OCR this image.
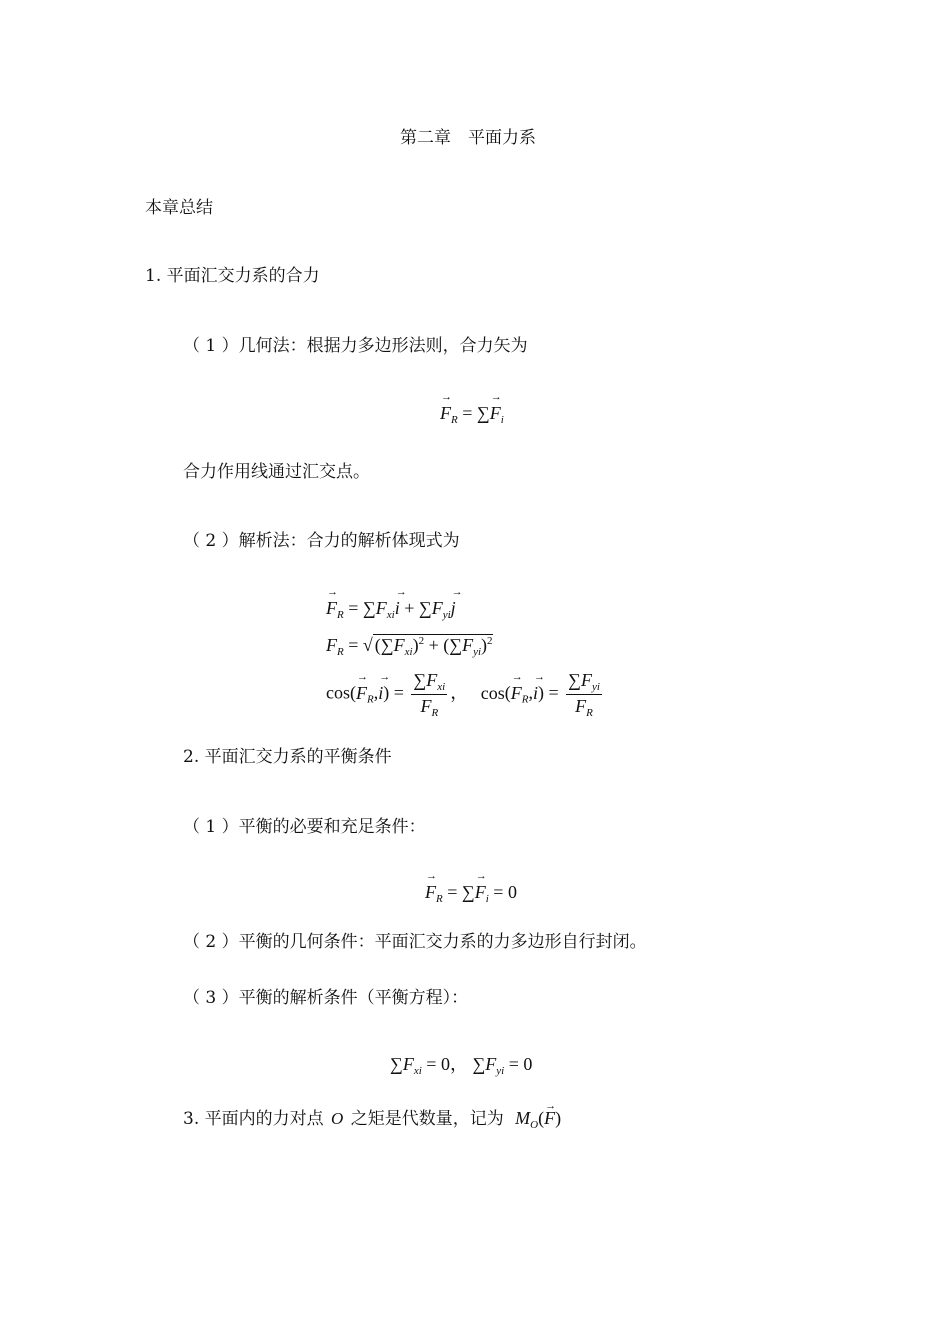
第二章　平面力系
本章总结
1. 平面汇交力系的合力
（ 1 ）几何法：根据力多边形法则，合力矢为
→ $F_R$ = ∑→ $F_i$
合力作用线通过汇交点。
（ 2 ）解析法：合力的解析体现式为
→ $F_R = \sum F_{xi}\to i + \sum F_{yi}\to j$
$F_R$ = √ $(\sum F_{xi})^2 + (\sum F_{yi})^2$
$\cos(\to F_R,\to i) = \frac{\sum F_{xi}}{F_R}$ ， $\cos(\to F_R,\to i) = \frac{\sum F_{yi}}{F_R}$
2. 平面汇交力系的平衡条件
（ 1 ）平衡的必要和充足条件：
→ $F_R$ = ∑→ $F_i = 0$
（ 2 ）平衡的几何条件：平面汇交力系的力多边形自行封闭。
（ 3 ）平衡的解析条件（平衡方程）：
$\sum F_{xi} = 0$， $\sum F_{yi} = 0$
3. 平面内的力对点 O 之矩是代数量，记为 $M_O(\to F)$
